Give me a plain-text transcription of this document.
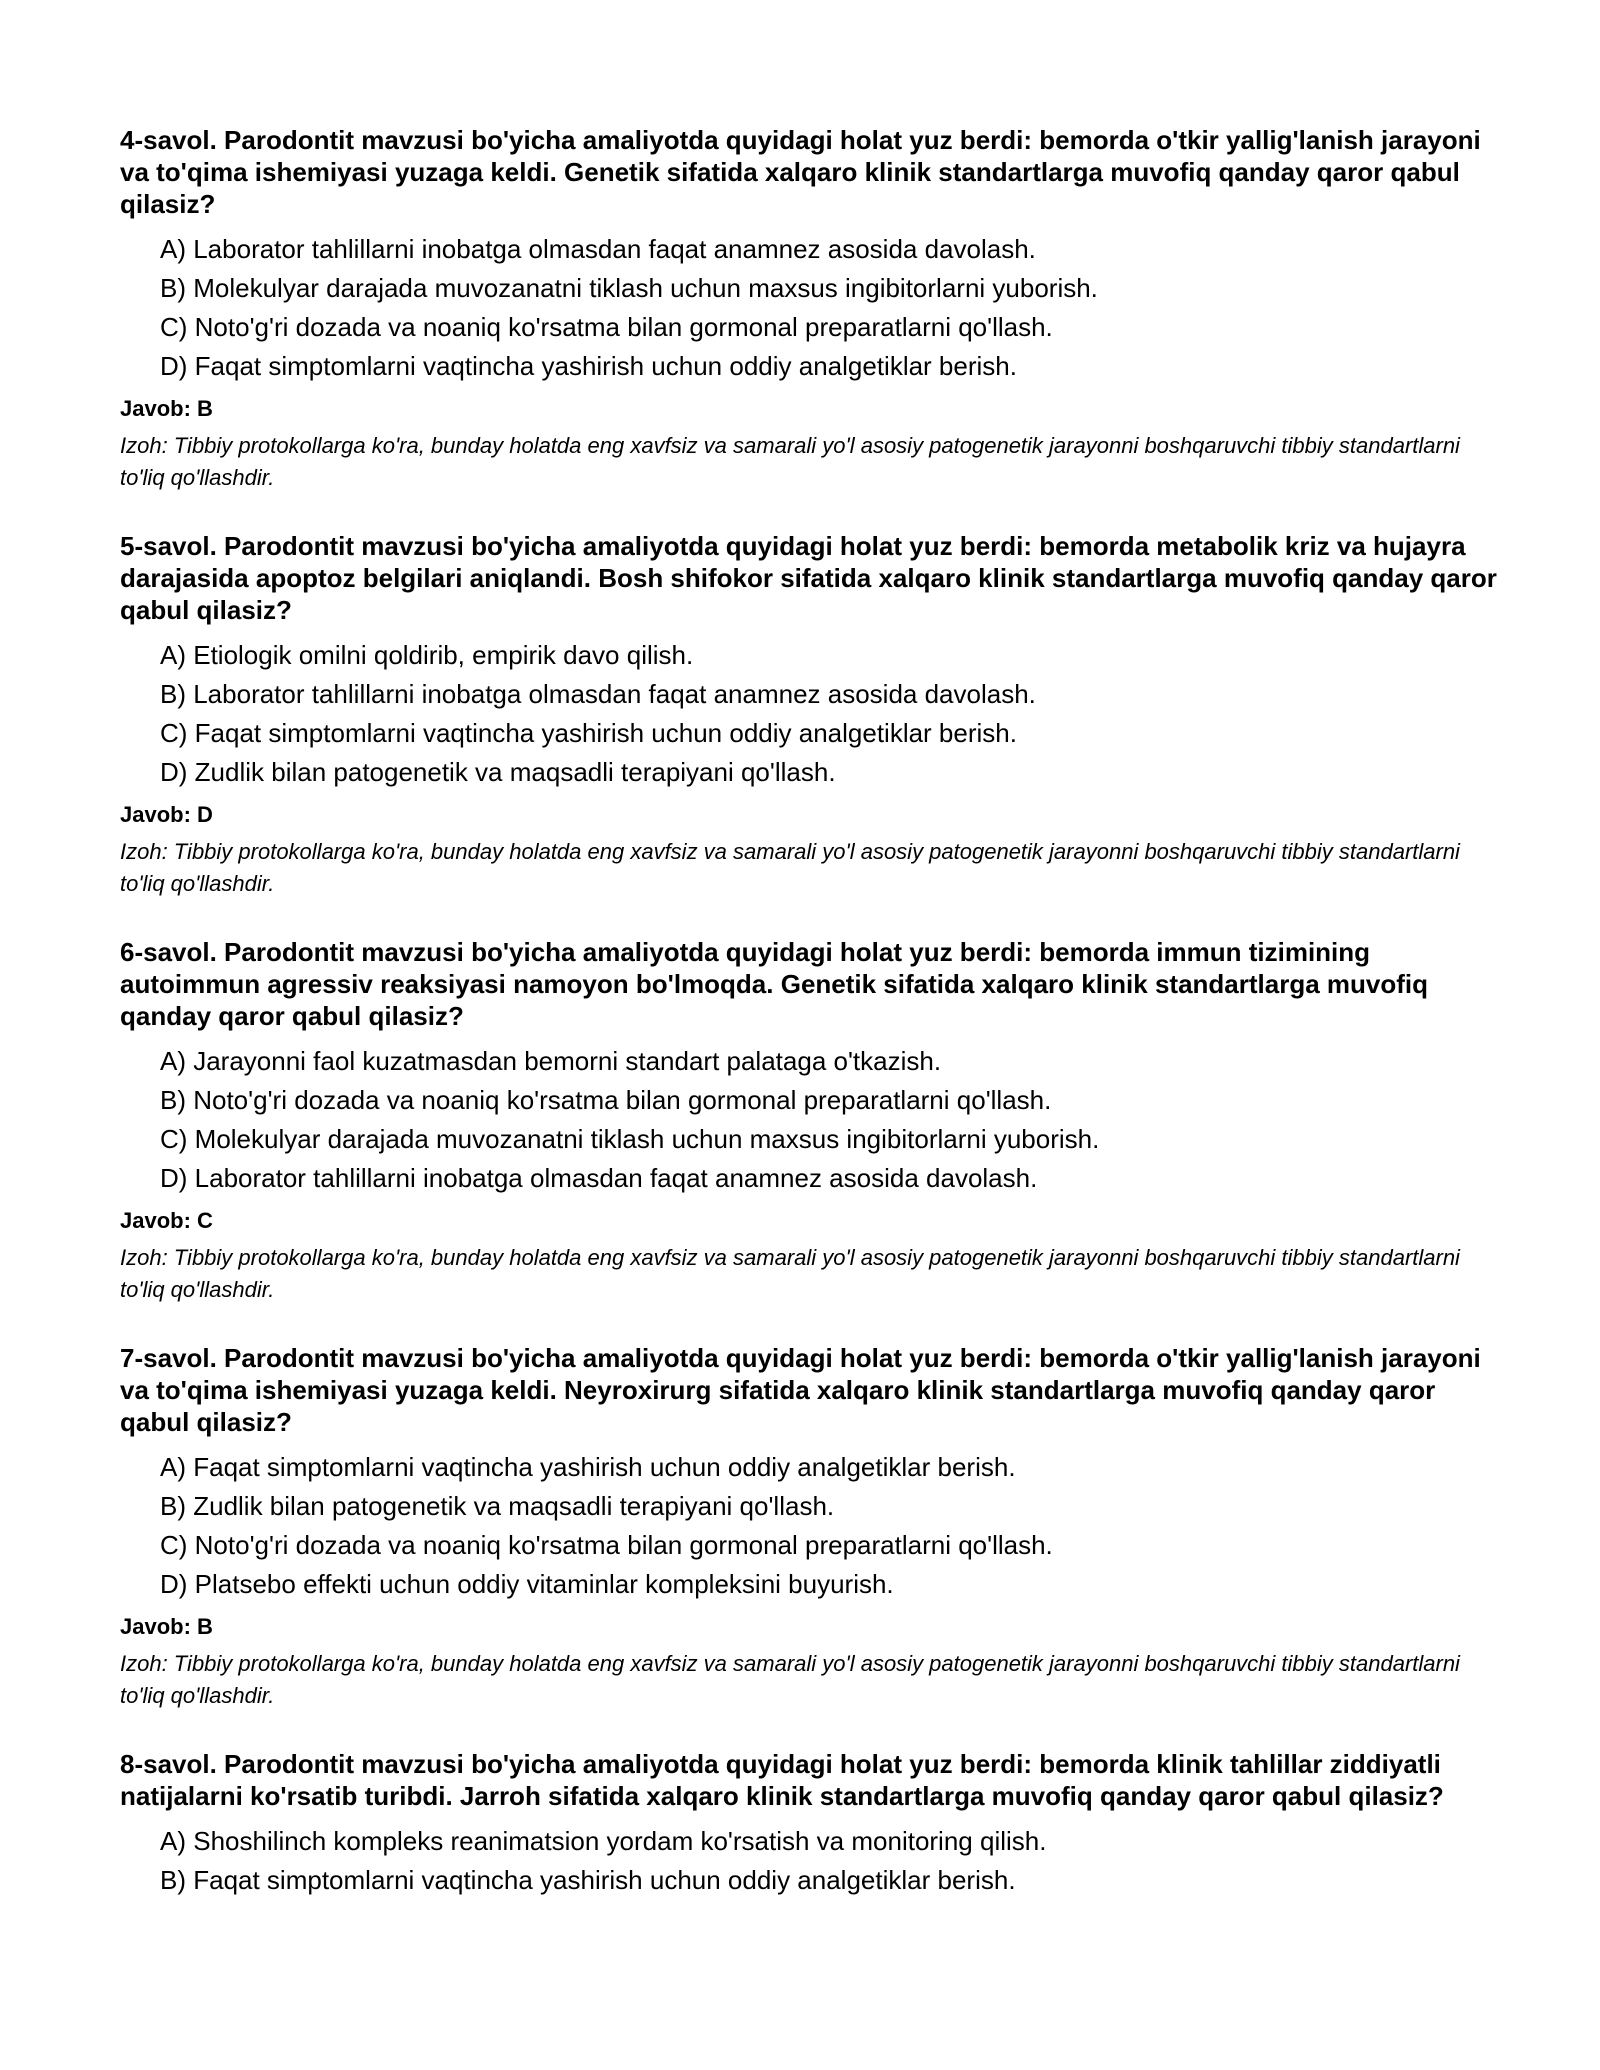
4-savol. Parodontit mavzusi bo'yicha amaliyotda quyidagi holat yuz berdi: bemorda o'tkir yallig'lanish jarayoni va to'qima ishemiyasi yuzaga keldi. Genetik sifatida xalqaro klinik standartlarga muvofiq qanday qaror qabul qilasiz?
A) Laborator tahlillarni inobatga olmasdan faqat anamnez asosida davolash.
B) Molekulyar darajada muvozanatni tiklash uchun maxsus ingibitorlarni yuborish.
C) Noto'g'ri dozada va noaniq ko'rsatma bilan gormonal preparatlarni qo'llash.
D) Faqat simptomlarni vaqtincha yashirish uchun oddiy analgetiklar berish.
Javob: B
Izoh: Tibbiy protokollarga ko'ra, bunday holatda eng xavfsiz va samarali yo'l asosiy patogenetik jarayonni boshqaruvchi tibbiy standartlarni to'liq qo'llashdir.
5-savol. Parodontit mavzusi bo'yicha amaliyotda quyidagi holat yuz berdi: bemorda metabolik kriz va hujayra darajasida apoptoz belgilari aniqlandi. Bosh shifokor sifatida xalqaro klinik standartlarga muvofiq qanday qaror qabul qilasiz?
A) Etiologik omilni qoldirib, empirik davo qilish.
B) Laborator tahlillarni inobatga olmasdan faqat anamnez asosida davolash.
C) Faqat simptomlarni vaqtincha yashirish uchun oddiy analgetiklar berish.
D) Zudlik bilan patogenetik va maqsadli terapiyani qo'llash.
Javob: D
Izoh: Tibbiy protokollarga ko'ra, bunday holatda eng xavfsiz va samarali yo'l asosiy patogenetik jarayonni boshqaruvchi tibbiy standartlarni to'liq qo'llashdir.
6-savol. Parodontit mavzusi bo'yicha amaliyotda quyidagi holat yuz berdi: bemorda immun tizimining autoimmun agressiv reaksiyasi namoyon bo'lmoqda. Genetik sifatida xalqaro klinik standartlarga muvofiq qanday qaror qabul qilasiz?
A) Jarayonni faol kuzatmasdan bemorni standart palataga o'tkazish.
B) Noto'g'ri dozada va noaniq ko'rsatma bilan gormonal preparatlarni qo'llash.
C) Molekulyar darajada muvozanatni tiklash uchun maxsus ingibitorlarni yuborish.
D) Laborator tahlillarni inobatga olmasdan faqat anamnez asosida davolash.
Javob: C
Izoh: Tibbiy protokollarga ko'ra, bunday holatda eng xavfsiz va samarali yo'l asosiy patogenetik jarayonni boshqaruvchi tibbiy standartlarni to'liq qo'llashdir.
7-savol. Parodontit mavzusi bo'yicha amaliyotda quyidagi holat yuz berdi: bemorda o'tkir yallig'lanish jarayoni va to'qima ishemiyasi yuzaga keldi. Neyroxirurg sifatida xalqaro klinik standartlarga muvofiq qanday qaror qabul qilasiz?
A) Faqat simptomlarni vaqtincha yashirish uchun oddiy analgetiklar berish.
B) Zudlik bilan patogenetik va maqsadli terapiyani qo'llash.
C) Noto'g'ri dozada va noaniq ko'rsatma bilan gormonal preparatlarni qo'llash.
D) Platsebo effekti uchun oddiy vitaminlar kompleksini buyurish.
Javob: B
Izoh: Tibbiy protokollarga ko'ra, bunday holatda eng xavfsiz va samarali yo'l asosiy patogenetik jarayonni boshqaruvchi tibbiy standartlarni to'liq qo'llashdir.
8-savol. Parodontit mavzusi bo'yicha amaliyotda quyidagi holat yuz berdi: bemorda klinik tahlillar ziddiyatli natijalarni ko'rsatib turibdi. Jarroh sifatida xalqaro klinik standartlarga muvofiq qanday qaror qabul qilasiz?
A) Shoshilinch kompleks reanimatsion yordam ko'rsatish va monitoring qilish.
B) Faqat simptomlarni vaqtincha yashirish uchun oddiy analgetiklar berish.
